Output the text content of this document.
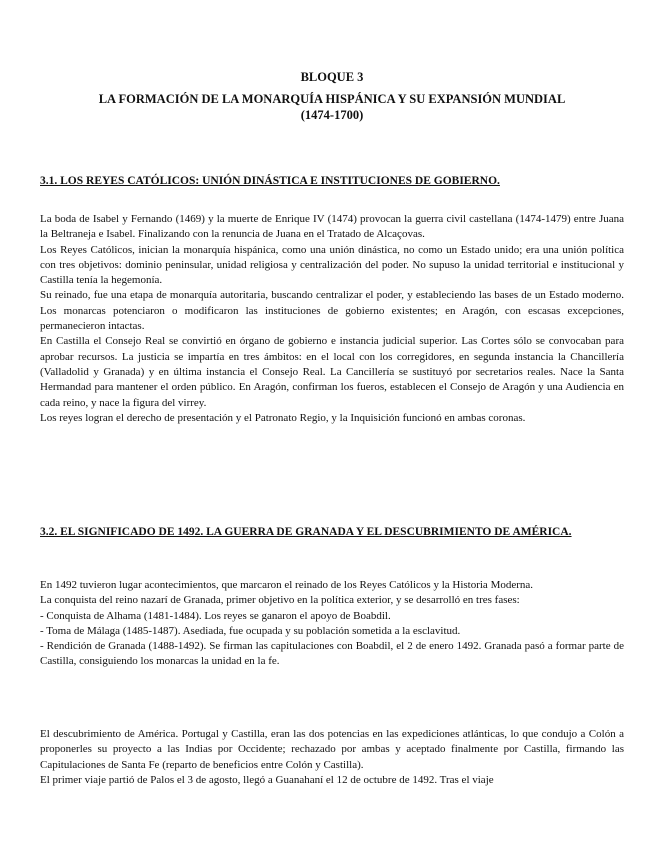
BLOQUE 3
LA FORMACIÓN DE LA MONARQUÍA HISPÁNICA Y SU EXPANSIÓN MUNDIAL
(1474-1700)
3.1. LOS REYES CATÓLICOS: UNIÓN DINÁSTICA E INSTITUCIONES DE GOBIERNO.

La boda de Isabel y Fernando (1469) y la muerte de Enrique IV (1474) provocan la guerra civil castellana (1474-1479) entre Juana la Beltraneja e Isabel. Finalizando con la renuncia de Juana en el Tratado de Alcaçovas.

Los Reyes Católicos, inician la monarquía hispánica, como una unión dinástica, no como un Estado unido; era una unión política con tres objetivos: dominio peninsular, unidad religiosa y centralización del poder. No supuso la unidad territorial e institucional y Castilla tenía la hegemonía.

Su reinado, fue una etapa de monarquía autoritaria, buscando centralizar el poder, y estableciendo las bases de un Estado moderno. Los monarcas potenciaron o modificaron las instituciones de gobierno existentes; en Aragón, con escasas excepciones, permanecieron intactas.

En Castilla el Consejo Real se convirtió en órgano de gobierno e instancia judicial superior. Las Cortes sólo se convocaban para aprobar recursos. La justicia se impartía en tres ámbitos: en el local con los corregidores, en segunda instancia la Chancillería (Valladolid y Granada) y en última instancia el Consejo Real. La Cancillería se sustituyó por secretarios reales. Nace la Santa Hermandad para mantener el orden público. En Aragón, confirman los fueros, establecen el Consejo de Aragón y una Audiencia en cada reino, y nace la figura del virrey.

Los reyes logran el derecho de presentación y el Patronato Regio, y la Inquisición funcionó en ambas coronas.

3.2. EL SIGNIFICADO DE 1492. LA GUERRA DE GRANADA Y EL DESCUBRIMIENTO DE AMÉRICA.

En 1492 tuvieron lugar acontecimientos, que marcaron el reinado de los Reyes Católicos y la Historia Moderna.

La conquista del reino nazarí de Granada, primer objetivo en la política exterior, y se desarrolló en tres fases:

- Conquista de Alhama (1481-1484). Los reyes se ganaron el apoyo de Boabdil.

- Toma de Málaga (1485-1487). Asediada, fue ocupada y su población sometida a la esclavitud.

- Rendición de Granada (1488-1492). Se firman las capitulaciones con Boabdil, el 2 de enero 1492. Granada pasó a formar parte de Castilla, consiguiendo los monarcas la unidad en la fe.

El descubrimiento de América. Portugal y Castilla, eran las dos potencias en las expediciones atlánticas, lo que condujo a Colón a proponerles su proyecto a las Indias por Occidente; rechazado por ambas y aceptado finalmente por Castilla, firmando las Capitulaciones de Santa Fe (reparto de beneficios entre Colón y Castilla).

El primer viaje partió de Palos el 3 de agosto, llegó a Guanahaní el 12 de octubre de 1492. Tras el viaje
